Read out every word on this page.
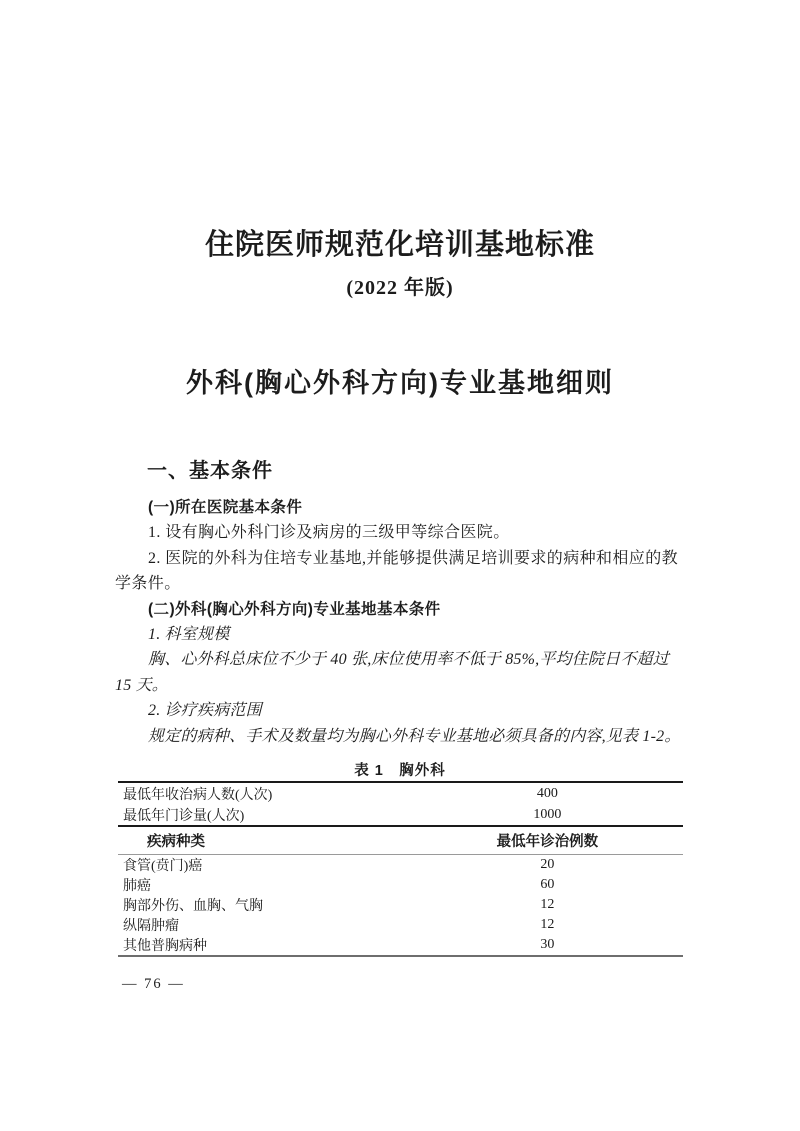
住院医师规范化培训基地标准
(2022 年版)
外科(胸心外科方向)专业基地细则
一、基本条件
(一)所在医院基本条件
1. 设有胸心外科门诊及病房的三级甲等综合医院。
2. 医院的外科为住培专业基地,并能够提供满足培训要求的病种和相应的教
学条件。
(二)外科(胸心外科方向)专业基地基本条件
1. 科室规模
胸、心外科总床位不少于 40 张,床位使用率不低于 85%,平均住院日不超过
15 天。
2. 诊疗疾病范围
规定的病种、手术及数量均为胸心外科专业基地必须具备的内容,见表 1-2。
表 1　胸外科
最低年收治病人数(人次)	400
最低年门诊量(人次)	1000
疾病种类	最低年诊治例数
食管(贲门)癌	20
肺癌	60
胸部外伤、血胸、气胸	12
纵隔肿瘤	12
其他普胸病种	30
— 76 —
